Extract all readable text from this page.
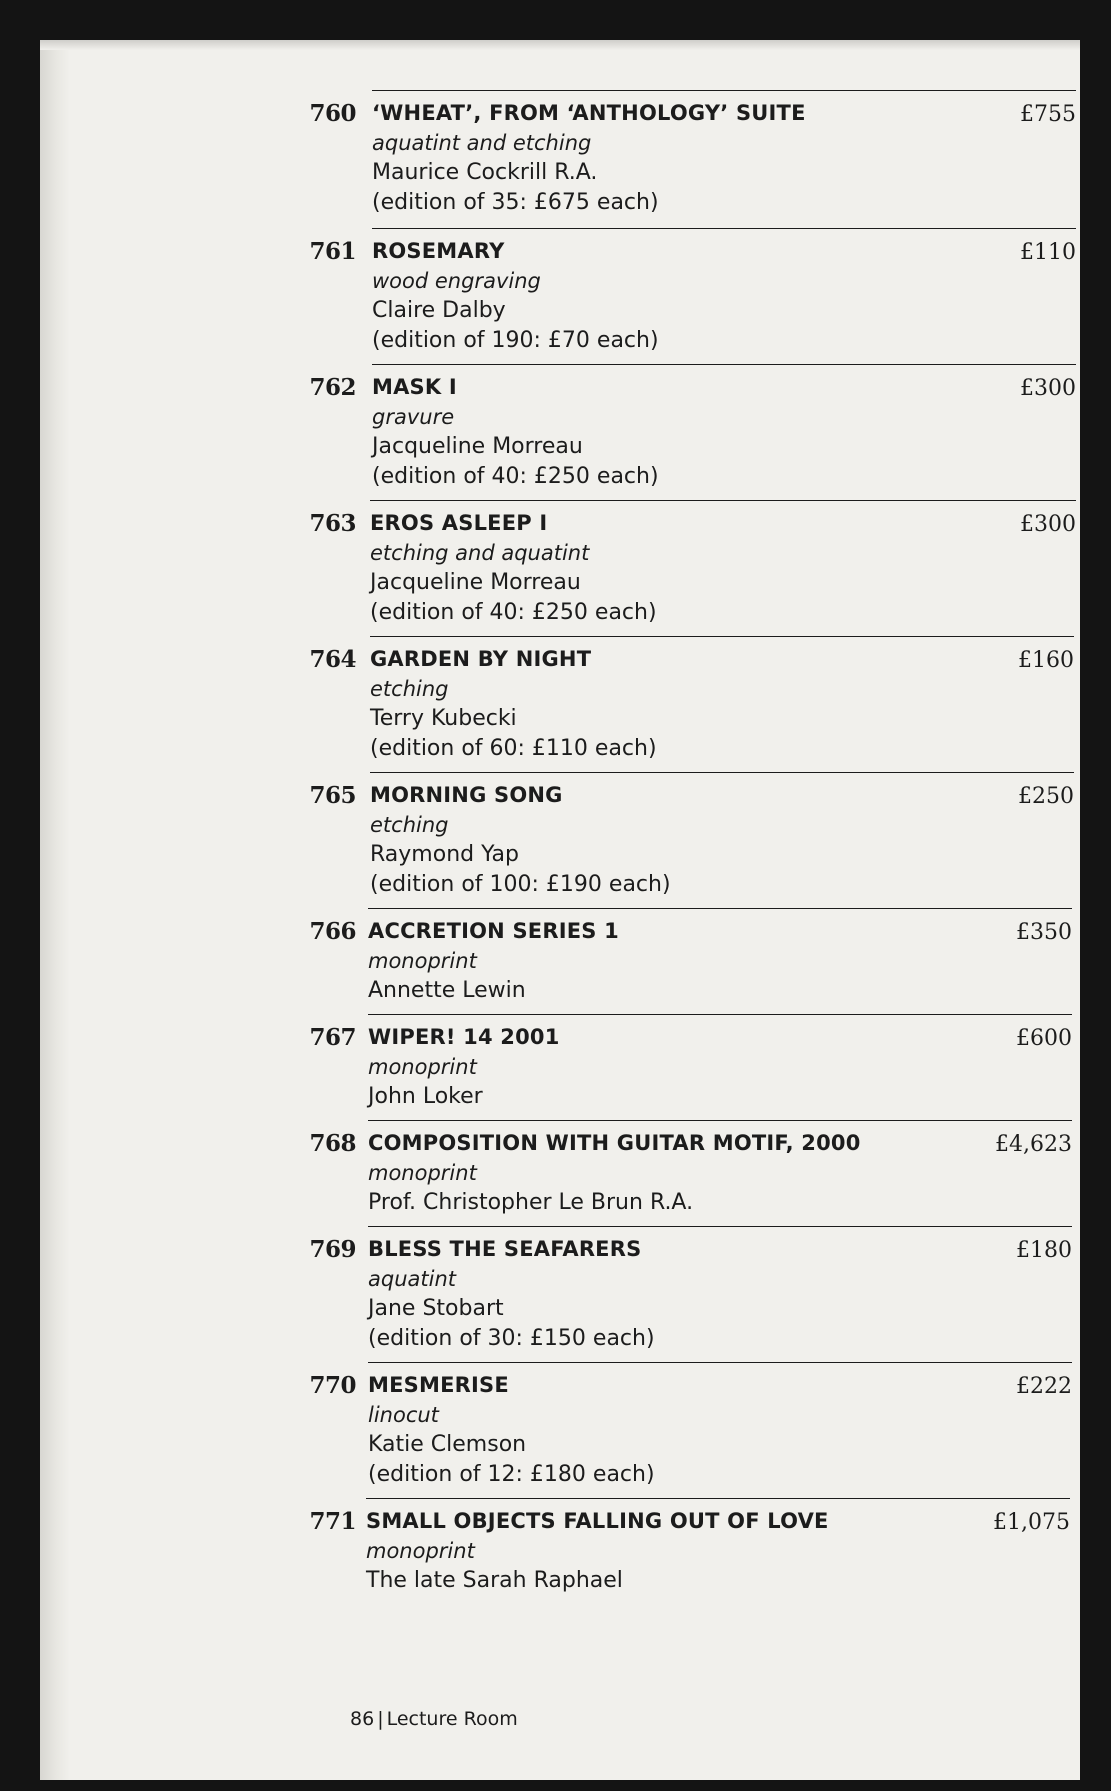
760 ‘WHEAT’, FROM ‘ANTHOLOGY’ SUITE
aquatint and etching
Maurice Cockrill R.A.
(edition of 35: £675 each)
£755
761 ROSEMARY
wood engraving
Claire Dalby
(edition of 190: £70 each)
£110
762 MASK I
gravure
Jacqueline Morreau
(edition of 40: £250 each)
£300
763 EROS ASLEEP I
etching and aquatint
Jacqueline Morreau
(edition of 40: £250 each)
£300
764 GARDEN BY NIGHT
etching
Terry Kubecki
(edition of 60: £110 each)
£160
765 MORNING SONG
etching
Raymond Yap
(edition of 100: £190 each)
£250
766 ACCRETION SERIES 1
monoprint
Annette Lewin
£350
767 WIPER! 14 2001
monoprint
John Loker
£600
768 COMPOSITION WITH GUITAR MOTIF, 2000
monoprint
Prof. Christopher Le Brun R.A.
£4,623
769 BLESS THE SEAFARERS
aquatint
Jane Stobart
(edition of 30: £150 each)
£180
770 MESMERISE
linocut
Katie Clemson
(edition of 12: £180 each)
£222
771 SMALL OBJECTS FALLING OUT OF LOVE
monoprint
The late Sarah Raphael
£1,075
86 | Lecture Room
